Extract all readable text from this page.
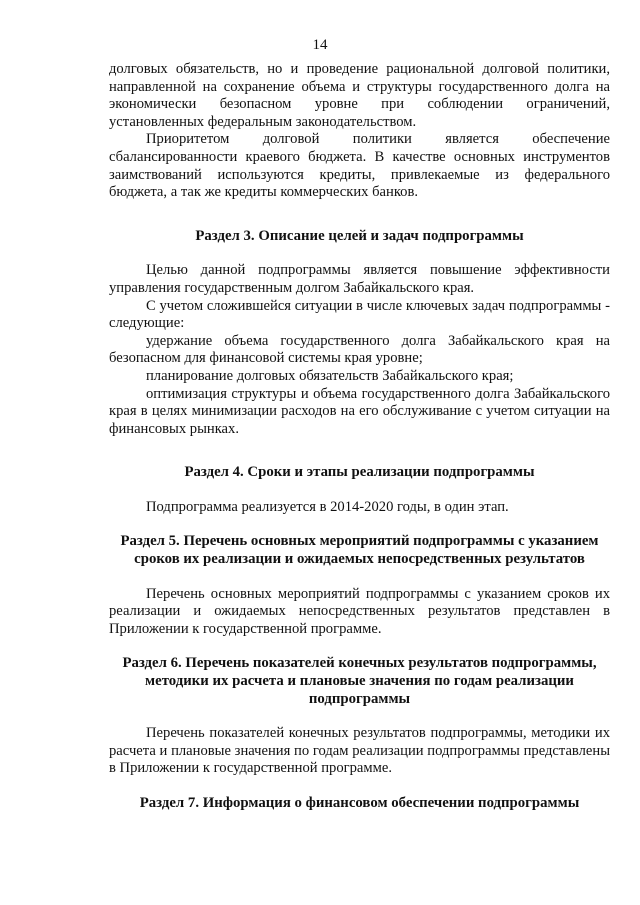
14

долговых обязательств, но и проведение рациональной долговой политики, направленной на сохранение объема и структуры государственного долга на экономически безопасном уровне при соблюдении ограничений, установленных федеральным законодательством.

Приоритетом долговой политики является обеспечение сбалансированности краевого бюджета. В качестве основных инструментов заимствований используются кредиты, привлекаемые из федерального бюджета, а так же кредиты коммерческих банков.

Раздел 3. Описание целей и задач подпрограммы

Целью данной подпрограммы является повышение эффективности управления государственным долгом Забайкальского края.

С учетом сложившейся ситуации в числе ключевых задач подпрограммы - следующие:

удержание объема государственного долга Забайкальского края на безопасном для финансовой системы края уровне;

планирование долговых обязательств Забайкальского края;

оптимизация структуры и объема государственного долга Забайкальского края в целях минимизации расходов на его обслуживание с учетом ситуации на финансовых рынках.

Раздел 4. Сроки и этапы реализации подпрограммы

Подпрограмма реализуется в 2014-2020 годы, в один этап.

Раздел 5. Перечень основных мероприятий подпрограммы с указанием
сроков их реализации и ожидаемых непосредственных результатов

Перечень основных мероприятий подпрограммы с указанием сроков их реализации и ожидаемых непосредственных результатов представлен в Приложении к государственной программе.

Раздел 6. Перечень показателей конечных результатов подпрограммы,
методики их расчета и плановые значения по годам реализации
подпрограммы

Перечень показателей конечных результатов подпрограммы, методики их расчета и плановые значения по годам реализации подпрограммы представлены в Приложении к государственной программе.

Раздел 7. Информация о финансовом обеспечении подпрограммы
